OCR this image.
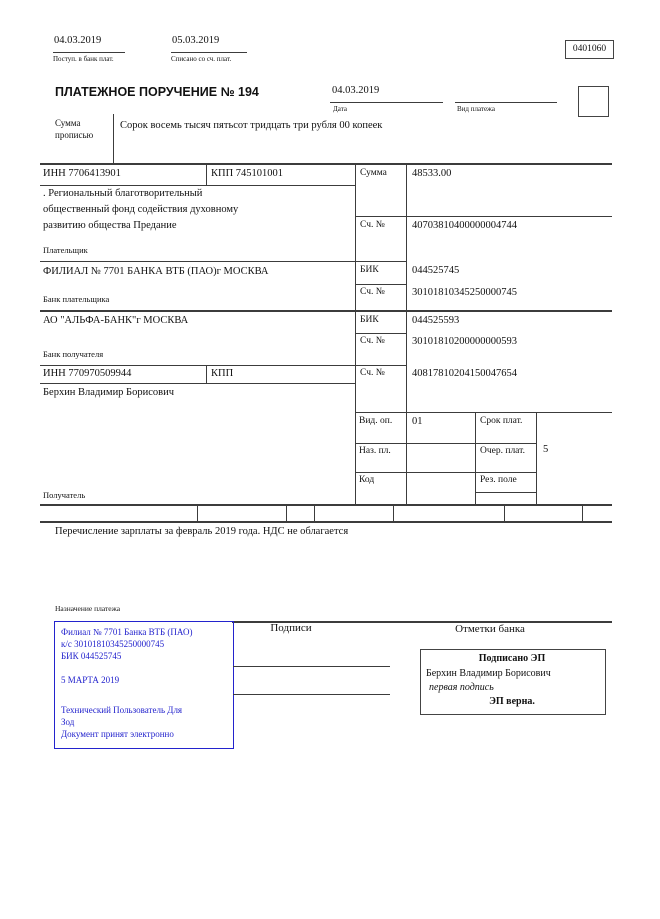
04.03.2019
Поступ. в банк плат.
05.03.2019
Списано со сч. плат.
0401060
ПЛАТЕЖНОЕ ПОРУЧЕНИЕ № 194	04.03.2019
Дата	Вид платежа
Сумма
прописью
Сорок восемь тысяч пятьсот тридцать три рубля 00 копеек
ИНН 7706413901	КПП 745101001	Сумма 48533.00
. Региональный благотворительный
общественный фонд содействия духовному
развитию общества Предание	Сч. №	40703810400000004744
Плательщик
ФИЛИАЛ № 7701 БАНКА ВТБ (ПАО)г МОСКВА	БИК	044525745
Сч. №	30101810345250000745
Банк плательщика
АО "АЛЬФА-БАНК"г МОСКВА	БИК	044525593
Сч. №	30101810200000000593
Банк получателя
ИНН 770970509944	КПП	Сч. №	40817810204150047654
Берхин Владимир Борисович
Получатель
Вид. оп. 01	Срок плат.
Наз. пл.	Очер. плат.	5
Код	Рез. поле
Перечисление зарплаты за февраль 2019 года. НДС не облагается
Назначение платежа
Филиал № 7701 Банка ВТБ (ПАО)
к/с 30101810345250000745
БИК 044525745
5 МАРТА 2019
Технический Пользователь Для
Зод
Документ принят электронно
Подписи	Отметки банка
Подписано ЭП
Берхин Владимир Борисович
первая подпись
ЭП верна.
